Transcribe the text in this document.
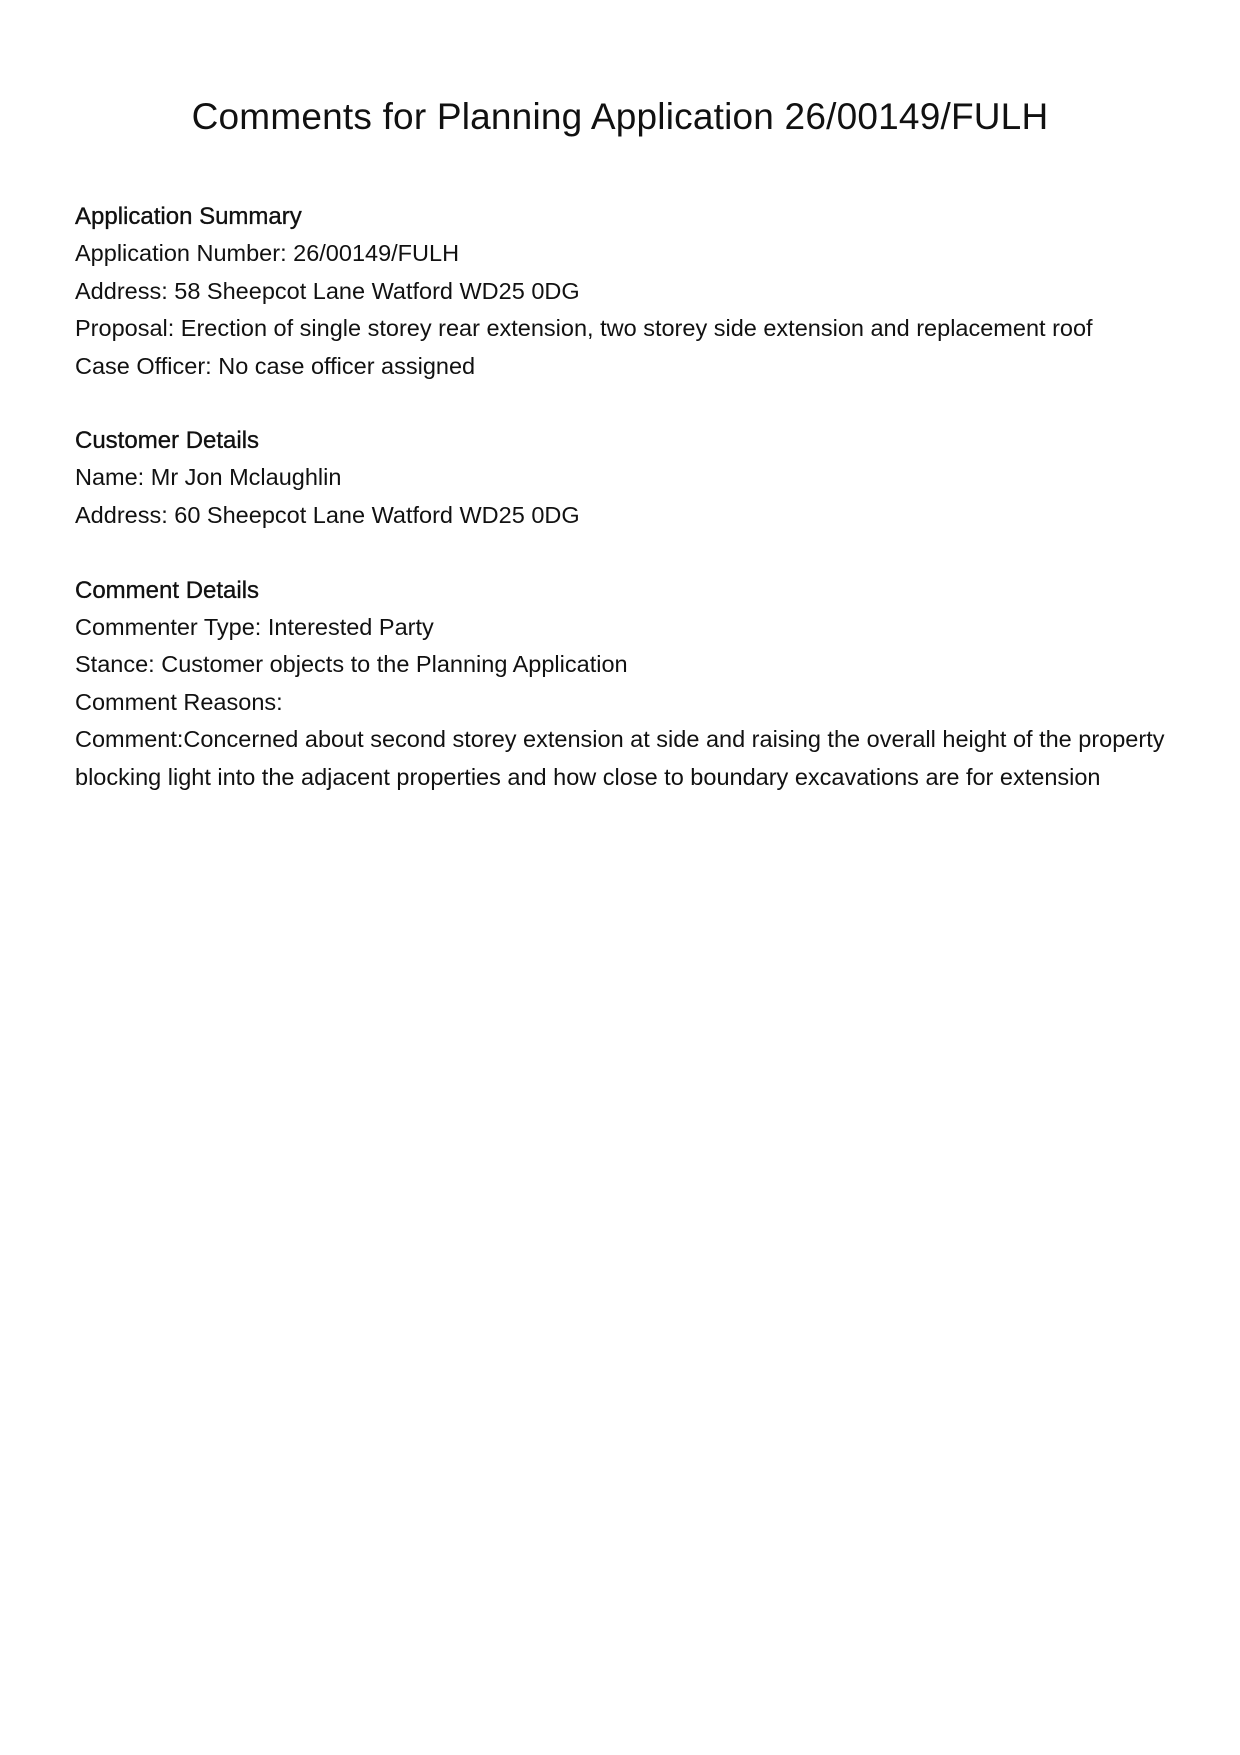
Comments for Planning Application 26/00149/FULH

Application Summary

Application Number: 26/00149/FULH

Address: 58 Sheepcot Lane Watford WD25 0DG

Proposal: Erection of single storey rear extension, two storey side extension and replacement roof

Case Officer: No case officer assigned

Customer Details

Name: Mr Jon Mclaughlin

Address: 60 Sheepcot Lane Watford WD25 0DG

Comment Details

Commenter Type: Interested Party

Stance: Customer objects to the Planning Application

Comment Reasons:

Comment:Concerned about second storey extension at side and raising the overall height of the property blocking light into the adjacent properties and how close to boundary excavations are for extension
